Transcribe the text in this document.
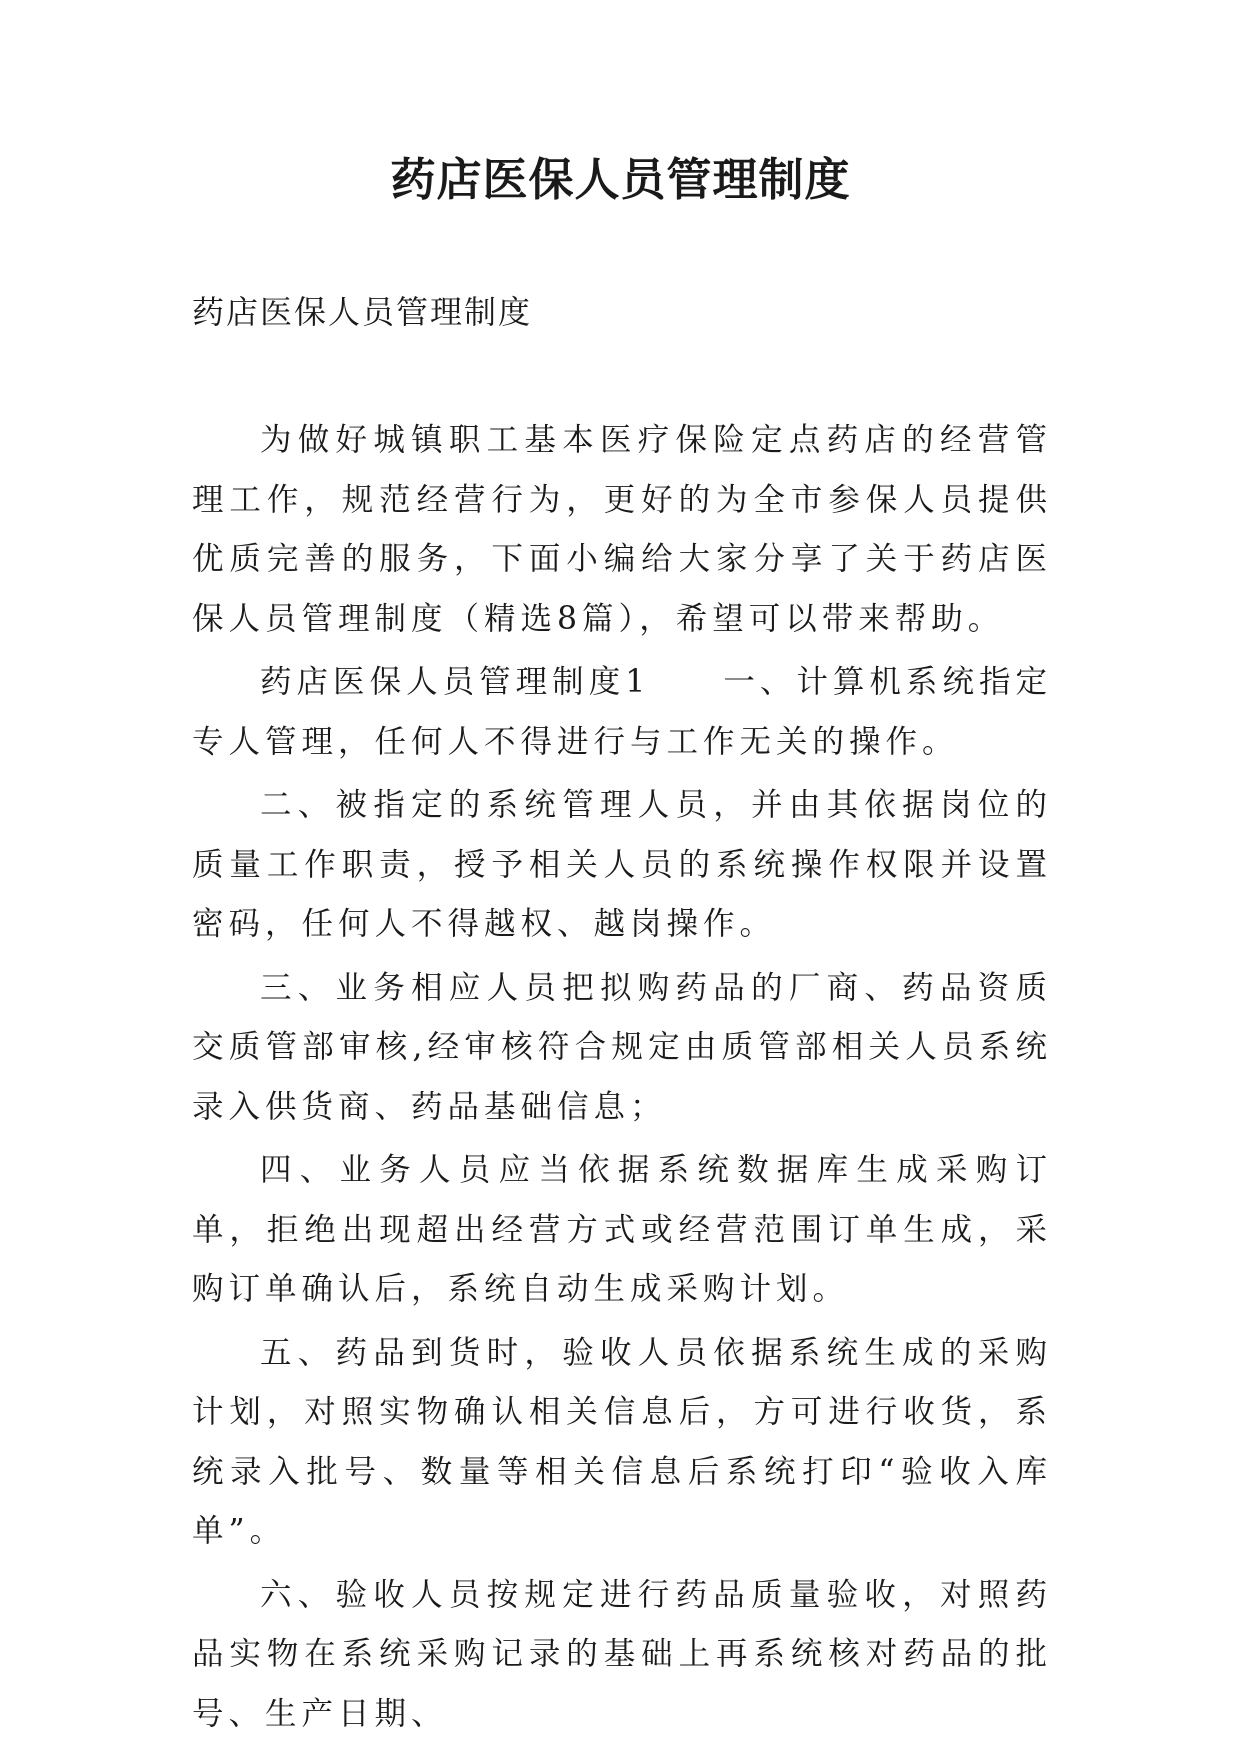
药店医保人员管理制度

药店医保人员管理制度

为做好城镇职工基本医疗保险定点药店的经营管理工作，规范经营行为，更好的为全市参保人员提供优质完善的服务，下面小编给大家分享了关于药店医保人员管理制度（精选8篇），希望可以带来帮助。

药店医保人员管理制度1　　一、计算机系统指定专人管理，任何人不得进行与工作无关的操作。

二、被指定的系统管理人员，并由其依据岗位的质量工作职责，授予相关人员的系统操作权限并设置密码，任何人不得越权、越岗操作。

三、业务相应人员把拟购药品的厂商、药品资质交质管部审核,经审核符合规定由质管部相关人员系统录入供货商、药品基础信息；

四、业务人员应当依据系统数据库生成采购订单，拒绝出现超出经营方式或经营范围订单生成，采购订单确认后，系统自动生成采购计划。

五、药品到货时，验收人员依据系统生成的采购计划，对照实物确认相关信息后，方可进行收货，系统录入批号、数量等相关信息后系统打印“验收入库单”。

六、验收人员按规定进行药品质量验收，对照药品实物在系统采购记录的基础上再系统核对药品的批号、生产日期、
